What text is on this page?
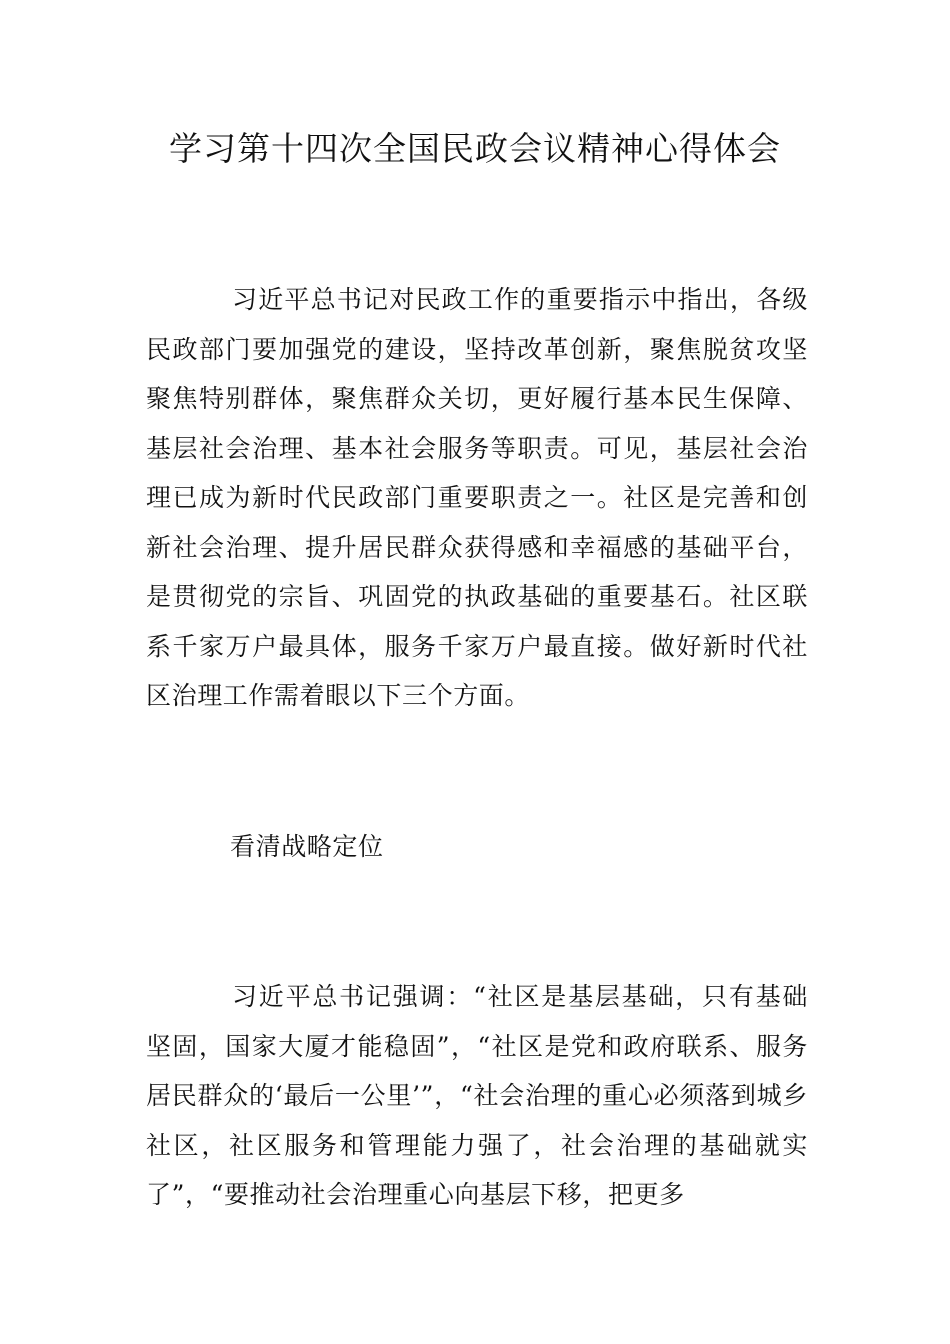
学习第十四次全国民政会议精神心得体会

习近平总书记对民政工作的重要指示中指出，各级民政部门要加强党的建设，坚持改革创新，聚焦脱贫攻坚聚焦特别群体，聚焦群众关切，更好履行基本民生保障、基层社会治理、基本社会服务等职责。可见，基层社会治理已成为新时代民政部门重要职责之一。社区是完善和创新社会治理、提升居民群众获得感和幸福感的基础平台，是贯彻党的宗旨、巩固党的执政基础的重要基石。社区联系千家万户最具体，服务千家万户最直接。做好新时代社区治理工作需着眼以下三个方面。

看清战略定位

习近平总书记强调：“社区是基层基础，只有基础坚固，国家大厦才能稳固”，“社区是党和政府联系、服务居民群众的‘最后一公里’”，“社会治理的重心必须落到城乡社区，社区服务和管理能力强了，社会治理的基础就实了”，“要推动社会治理重心向基层下移，把更多
